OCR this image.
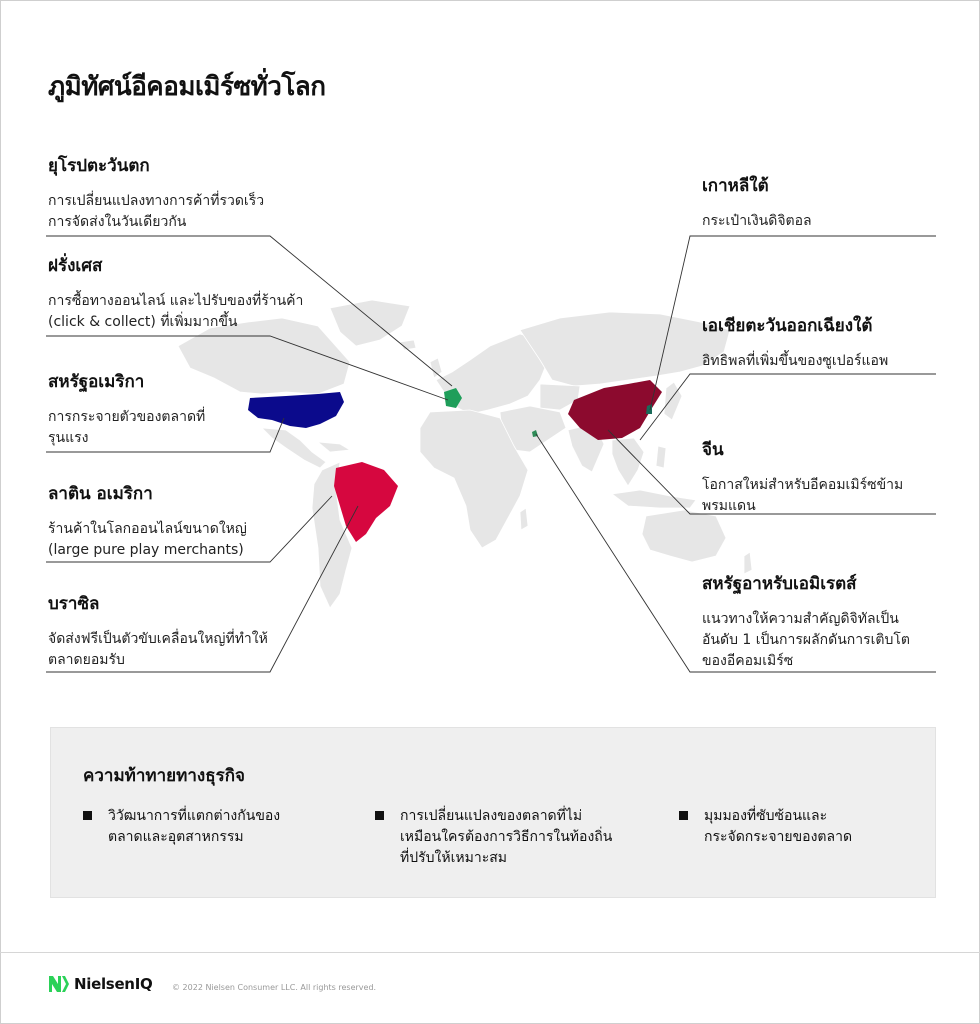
ภูมิทัศน์อีคอมเมิร์ซทั่วโลก
ยุโรปตะวันตก
การเปลี่ยนแปลงทางการค้าที่รวดเร็ว การจัดส่งในวันเดียวกัน
ฝรั่งเศส
การซื้อทางออนไลน์ และไปรับของที่ร้านค้า (click & collect) ที่เพิ่มมากขึ้น
สหรัฐอเมริกา
การกระจายตัวของตลาดที่รุนแรง
ลาติน อเมริกา
ร้านค้าในโลกออนไลน์ขนาดใหญ่ (large pure play merchants)
บราซิล
จัดส่งฟรีเป็นตัวขับเคลื่อนใหญ่ที่ทำให้ตลาดยอมรับ
เกาหลีใต้
กระเป๋าเงินดิจิตอล
เอเชียตะวันออกเฉียงใต้
อิทธิพลที่เพิ่มขึ้นของซูเปอร์แอพ
จีน
โอกาสใหม่สำหรับอีคอมเมิร์ซข้ามพรมแดน
สหรัฐอาหรับเอมิเรตส์
แนวทางให้ความสำคัญดิจิทัลเป็นอันดับ 1 เป็นการผลักดันการเติบโตของอีคอมเมิร์ซ
ความท้าทายทางธุรกิจ
วิวัฒนาการที่แตกต่างกันของตลาดและอุตสาหกรรม
การเปลี่ยนแปลงของตลาดที่ไม่เหมือนใครต้องการวิธีการในท้องถิ่นที่ปรับให้เหมาะสม
มุมมองที่ซับซ้อนและกระจัดกระจายของตลาด
NielsenIQ © 2022 Nielsen Consumer LLC. All rights reserved.
